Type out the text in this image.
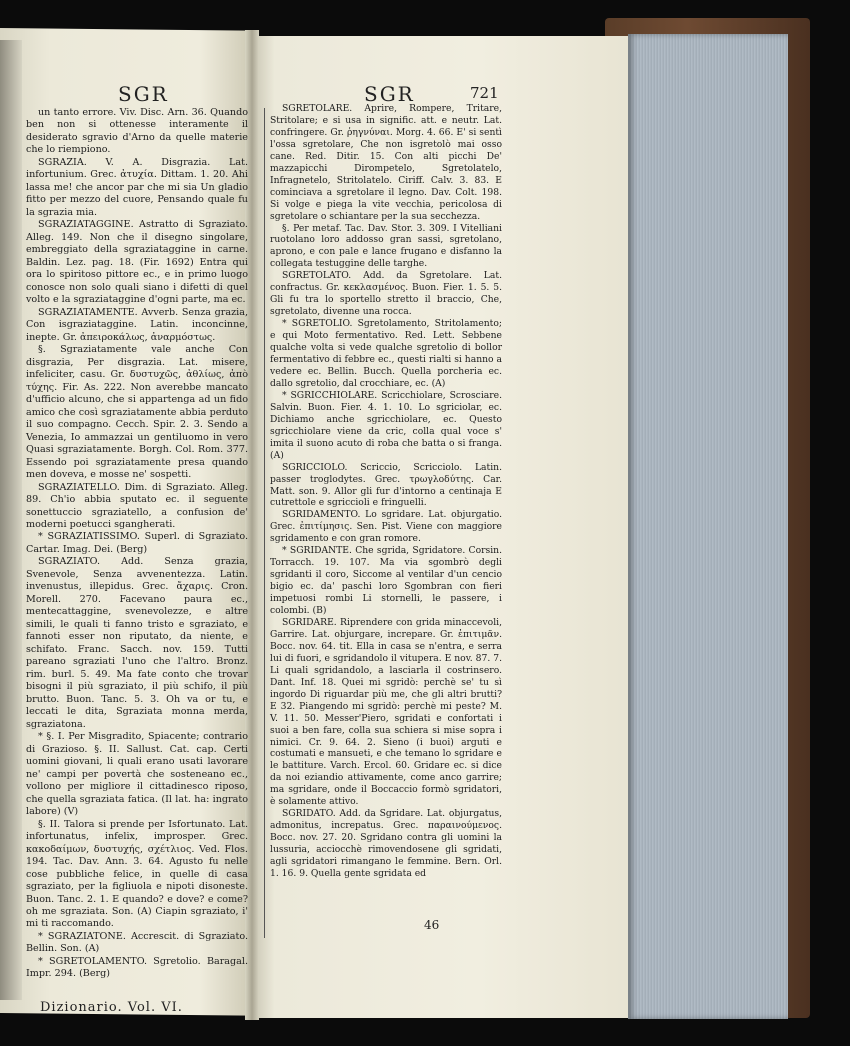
SGR	SGR	721

un tanto errore. Viv. Disc. Arn. 36. Quando ben non si ottenesse interamente il desiderato sgravio d'Arno da quelle materie che lo riempiono.

SGRAZIA. V. A. Disgrazia. Lat. infortunium. Grec. ἀτυχία. Dittam. 1. 20. Ahi lassa me! che ancor par che mi sia Un gladio fitto per mezzo del cuore, Pensando quale fu la sgrazia mia.

SGRAZIATAGGINE. Astratto di Sgraziato. Alleg. 149. Non che il disegno singolare, embreggiato della sgraziataggine in carne. Baldin. Lez. pag. 18. (Fir. 1692) Entra qui ora lo spiritoso pittore ec., e in primo luogo conosce non solo quali siano i difetti di quel volto e la sgraziataggine d'ogni parte, ma ec.

SGRAZIATAMENTE. Avverb. Senza grazia, Con isgraziataggine. Latin. inconcinne, inepte. Gr. ἀπειροκάλως, ἀναρμόστως.

§. Sgraziatamente vale anche Con disgrazia, Per disgrazia. Lat. misere, infeliciter, casu. Gr. δυστυχῶς, ἀθλίως, ἀπὸ τύχης. Fir. As. 222. Non averebbe mancato d'ufficio alcuno, che si appartenga ad un fido amico che così sgraziatamente abbia perduto il suo compagno. Cecch. Spir. 2. 3. Sendo a Venezia, Io ammazzai un gentiluomo in vero Quasi sgraziatamente. Borgh. Col. Rom. 377. Essendo poi sgraziatamente presa quando men doveva, e mosse ne' sospetti.

SGRAZIATELLO. Dim. di Sgraziato. Alleg. 89. Ch'io abbia sputato ec. il seguente sonettuccio sgraziatello, a confusion de' moderni poetucci sgangherati.

* SGRAZIATISSIMO. Superl. di Sgraziato. Cartar. Imag. Dei. (Berg)

SGRAZIATO. Add. Senza grazia, Svenevole, Senza avvenentezza. Latin. invenustus, illepidus. Grec. ἄχαρις. Cron. Morell. 270. Facevano paura ec., mentecattaggine, svenevolezze, e altre simili, le quali ti fanno tristo e sgraziato, e fannoti esser non riputato, da niente, e schifato. Franc. Sacch. nov. 159. Tutti pareano sgraziati l'uno che l'altro. Bronz. rim. burl. 5. 49. Ma fate conto che trovar bisogni il più sgraziato, il più schifo, il più brutto. Buon. Tanc. 5. 3. Oh va or tu, e leccati le dita, Sgraziata monna merda, sgraziatona.

* §. I. Per Misgradito, Spiacente; contrario di Grazioso. §. II. Sallust. Cat. cap. Certi uomini giovani, li quali erano usati lavorare ne' campi per povertà che sosteneano ec., vollono per migliore il cittadinesco riposo, che quella sgraziata fatica. (Il lat. ha: ingrato labore) (V)

§. II. Talora si prende per Isfortunato. Lat. infortunatus, infelix, improsper. Grec. κακοδαίμων, δυστυχής, σχέτλιος. Ved. Flos. 194. Tac. Dav. Ann. 3. 64. Agusto fu nelle cose pubbliche felice, in quelle di casa sgraziato, per la figliuola e nipoti disoneste. Buon. Tanc. 2. 1. E quando? e dove? e come? oh me sgraziata. Son. (A) Ciapin sgraziato, i' mi ti raccomando.

* SGRAZIATONE. Accrescit. di Sgraziato. Bellin. Son. (A)

* SGRETOLAMENTO. Sgretolio. Baragal. Impr. 294. (Berg)

SGRETOLARE. Aprire, Rompere, Tritare, Stritolare; e si usa in signific. att. e neutr. Lat. confringere. Gr. ῥηγνύναι. Morg. 4. 66. E' si sentì l'ossa sgretolare, Che non isgretolò mai osso cane. Red. Ditir. 15. Con alti picchi De' mazzapicchi Dirompetelo, Sgretolatelo, Infragnetelo, Stritolatelo. Ciriff. Calv. 3. 83. E cominciava a sgretolare il legno. Dav. Colt. 198. Si volge e piega la vite vecchia, pericolosa di sgretolare o schiantare per la sua secchezza.

§. Per metaf. Tac. Dav. Stor. 3. 309. I Vitelliani ruotolano loro addosso gran sassi, sgretolano, aprono, e con pale e lance frugano e disfanno la collegata testuggine delle targhe.

SGRETOLATO. Add. da Sgretolare. Lat. confractus. Gr. κεκλασμένος. Buon. Fier. 1. 5. 5. Gli fu tra lo sportello stretto il braccio, Che, sgretolato, divenne una rocca.

* SGRETOLIO. Sgretolamento, Stritolamento; e qui Moto fermentativo. Red. Lett. Sebbene qualche volta si vede qualche sgretolio di bollor fermentativo di febbre ec., questi rialti si hanno a vedere ec. Bellin. Bucch. Quella porcheria ec. dallo sgretolio, dal crocchiare, ec. (A)

* SGRICCHIOLARE. Scricchiolare, Scrosciare. Salvin. Buon. Fier. 4. 1. 10. Lo sgriciolar, ec. Dichiamo anche sgricchiolare, ec. Questo sgricchiolare viene da cric, colla qual voce s' imita il suono acuto di roba che batta o si franga. (A)

SGRICCIOLO. Scriccio, Scricciolo. Latin. passer troglodytes. Grec. τρωγλοδύτης. Car. Matt. son. 9. Allor gli fur d'intorno a centinaja E cutrettole e sgriccioli e fringuelli.

SGRIDAMENTO. Lo sgridare. Lat. objurgatio. Grec. ἐπιτίμησις. Sen. Pist. Viene con maggiore sgridamento e con gran romore.

* SGRIDANTE. Che sgrida, Sgridatore. Corsin. Torracch. 19. 107. Ma via sgombrò degli sgridanti il coro, Siccome al ventilar d'un cencio bigio ec. da' paschi loro Sgombran con fieri impetuosi rombi Li stornelli, le passere, i colombi. (B)

SGRIDARE. Riprendere con grida minaccevoli, Garrire. Lat. objurgare, increpare. Gr. ἐπιτιμᾶν. Bocc. nov. 64. tit. Ella in casa se n'entra, e serra lui di fuori, e sgridandolo il vitupera. E nov. 87. 7. Li quali sgridandolo, a lasciarla il costrinsero. Dant. Inf. 18. Quei mi sgridò: perchè se' tu sì ingordo Di riguardar più me, che gli altri brutti? E 32. Piangendo mi sgridò: perchè mi peste? M. V. 11. 50. Messer'Piero, sgridati e confortati i suoi a ben fare, colla sua schiera si mise sopra i nimici. Cr. 9. 64. 2. Sieno (i buoi) arguti e costumati e mansueti, e che temano lo sgridare e le battiture. Varch. Ercol. 60. Gridare ec. si dice da noi eziandio attivamente, come anco garrire; ma sgridare, onde il Boccaccio formò sgridatori, è solamente attivo.

SGRIDATO. Add. da Sgridare. Lat. objurgatus, admonitus, increpatus. Grec. παραινούμενος. Bocc. nov. 27. 20. Sgridano contra gli uomini la lussuria, acciocchè rimovendosene gli sgridati, agli sgridatori rimangano le femmine. Bern. Orl. 1. 16. 9. Quella gente sgridata ed

Dizionario. Vol. VI.
46
